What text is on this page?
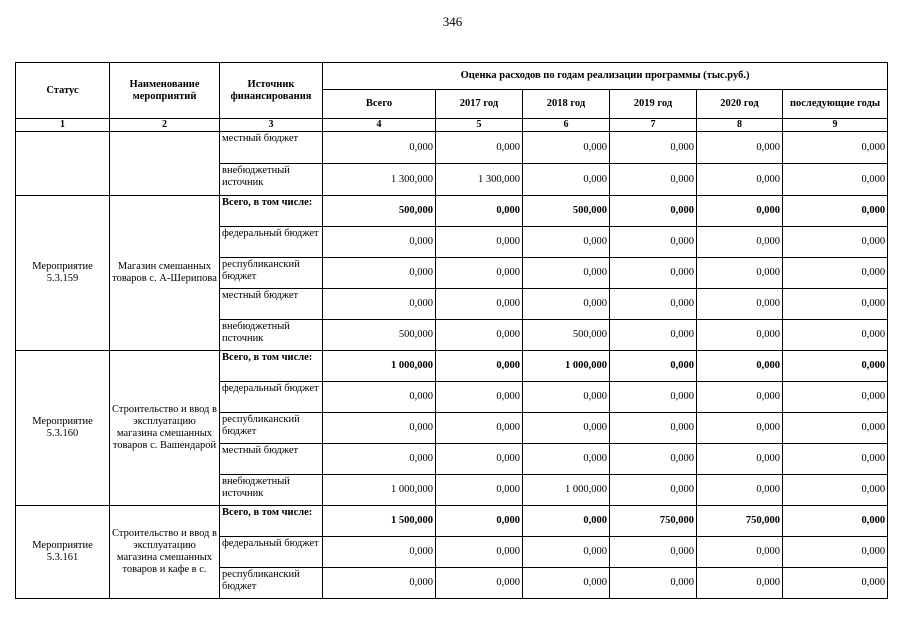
346
Статус	Наименование мероприятий	Источник финансирования	Оценка расходов по годам реализации программы (тыс.руб.)					
			Всего	2017 год	2018 год	2019 год	2020 год	последующие годы
1	2	3	4	5	6	7	8	9
		местный бюджет	0,000	0,000	0,000	0,000	0,000	0,000
		внебюджетный источник	1 300,000	1 300,000	0,000	0,000	0,000	0,000
Мероприятие 5.3.159	Магазин смешанных товаров с. А-Шерипова	Всего, в том числе:	500,000	0,000	500,000	0,000	0,000	0,000
		федеральный бюджет	0,000	0,000	0,000	0,000	0,000	0,000
		республиканский бюджет	0,000	0,000	0,000	0,000	0,000	0,000
		местный бюджет	0,000	0,000	0,000	0,000	0,000	0,000
		внебюджетный псточник	500,000	0,000	500,000	0,000	0,000	0,000
Мероприятие 5.3.160	Строительство и ввод в эксплуатацию магазина смешанных товаров с. Вашендарой	Всего, в том числе:	1 000,000	0,000	1 000,000	0,000	0,000	0,000
		федеральный бюджет	0,000	0,000	0,000	0,000	0,000	0,000
		республиканский бюджет	0,000	0,000	0,000	0,000	0,000	0,000
		местный бюджет	0,000	0,000	0,000	0,000	0,000	0,000
		внебюджетный источник	1 000,000	0,000	1 000,000	0,000	0,000	0,000
Мероприятие 5.3.161	Строительство и ввод в эксплуатацию магазина смешанных товаров и кафе в с.	Всего, в том числе:	1 500,000	0,000	0,000	750,000	750,000	0,000
		федеральный бюджет	0,000	0,000	0,000	0,000	0,000	0,000
		республиканский бюджет	0,000	0,000	0,000	0,000	0,000	0,000
